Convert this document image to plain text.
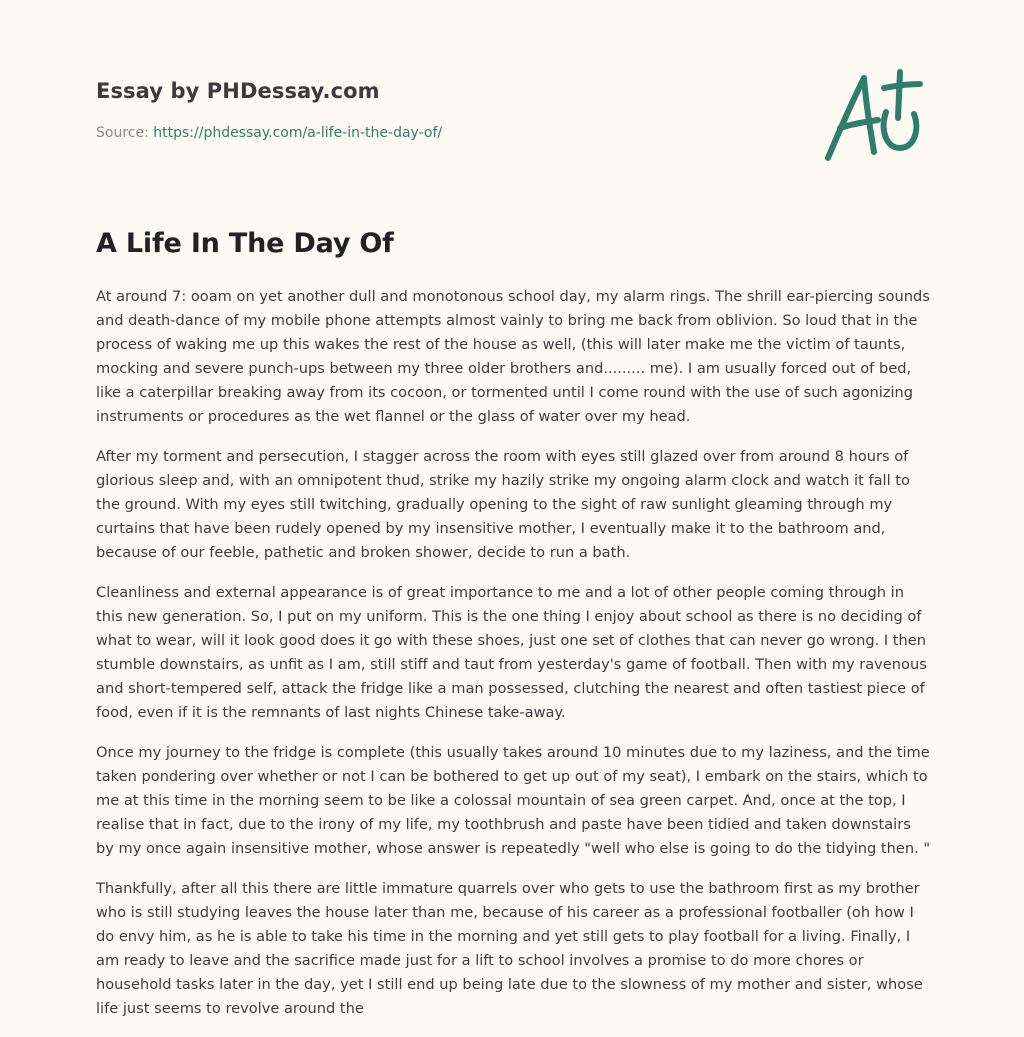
Essay by PHDessay.com
Source: https://phdessay.com/a-life-in-the-day-of/
A Life In The Day Of

At around 7: ooam on yet another dull and monotonous school day, my alarm rings. The shrill ear-piercing sounds and death-dance of my mobile phone attempts almost vainly to bring me back from oblivion. So loud that in the process of waking me up this wakes the rest of the house as well, (this will later make me the victim of taunts, mocking and severe punch-ups between my three older brothers and......... me). I am usually forced out of bed, like a caterpillar breaking away from its cocoon, or tormented until I come round with the use of such agonizing instruments or procedures as the wet flannel or the glass of water over my head.

After my torment and persecution, I stagger across the room with eyes still glazed over from around 8 hours of glorious sleep and, with an omnipotent thud, strike my hazily strike my ongoing alarm clock and watch it fall to the ground. With my eyes still twitching, gradually opening to the sight of raw sunlight gleaming through my curtains that have been rudely opened by my insensitive mother, I eventually make it to the bathroom and, because of our feeble, pathetic and broken shower, decide to run a bath.

Cleanliness and external appearance is of great importance to me and a lot of other people coming through in this new generation. So, I put on my uniform. This is the one thing I enjoy about school as there is no deciding of what to wear, will it look good does it go with these shoes, just one set of clothes that can never go wrong. I then stumble downstairs, as unfit as I am, still stiff and taut from yesterday's game of football. Then with my ravenous and short-tempered self, attack the fridge like a man possessed, clutching the nearest and often tastiest piece of food, even if it is the remnants of last nights Chinese take-away.

Once my journey to the fridge is complete (this usually takes around 10 minutes due to my laziness, and the time taken pondering over whether or not I can be bothered to get up out of my seat), I embark on the stairs, which to me at this time in the morning seem to be like a colossal mountain of sea green carpet. And, once at the top, I realise that in fact, due to the irony of my life, my toothbrush and paste have been tidied and taken downstairs by my once again insensitive mother, whose answer is repeatedly "well who else is going to do the tidying then. "

Thankfully, after all this there are little immature quarrels over who gets to use the bathroom first as my brother who is still studying leaves the house later than me, because of his career as a professional footballer (oh how I do envy him, as he is able to take his time in the morning and yet still gets to play football for a living. Finally, I am ready to leave and the sacrifice made just for a lift to school involves a promise to do more chores or household tasks later in the day, yet I still end up being late due to the slowness of my mother and sister, whose life just seems to revolve around the
